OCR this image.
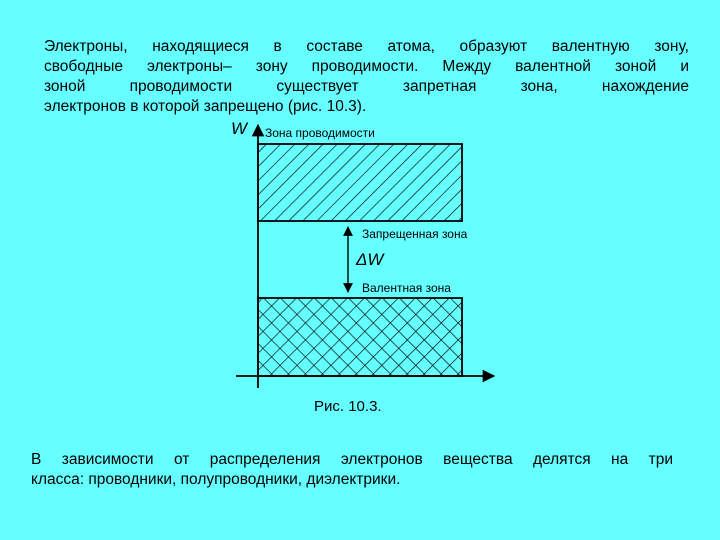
Электроны, находящиеся в составе атома, образуют валентную зону,
свободные электроны– зону проводимости. Между валентной зоной и
зоной проводимости существует запретная зона, нахождение
электронов в которой запрещено (рис. 10.3).
W Зона проводимости
Запрещенная зона
ΔW
Валентная зона
Рис. 10.3.
В зависимости от распределения электронов вещества делятся на три
класса: проводники, полупроводники, диэлектрики.
